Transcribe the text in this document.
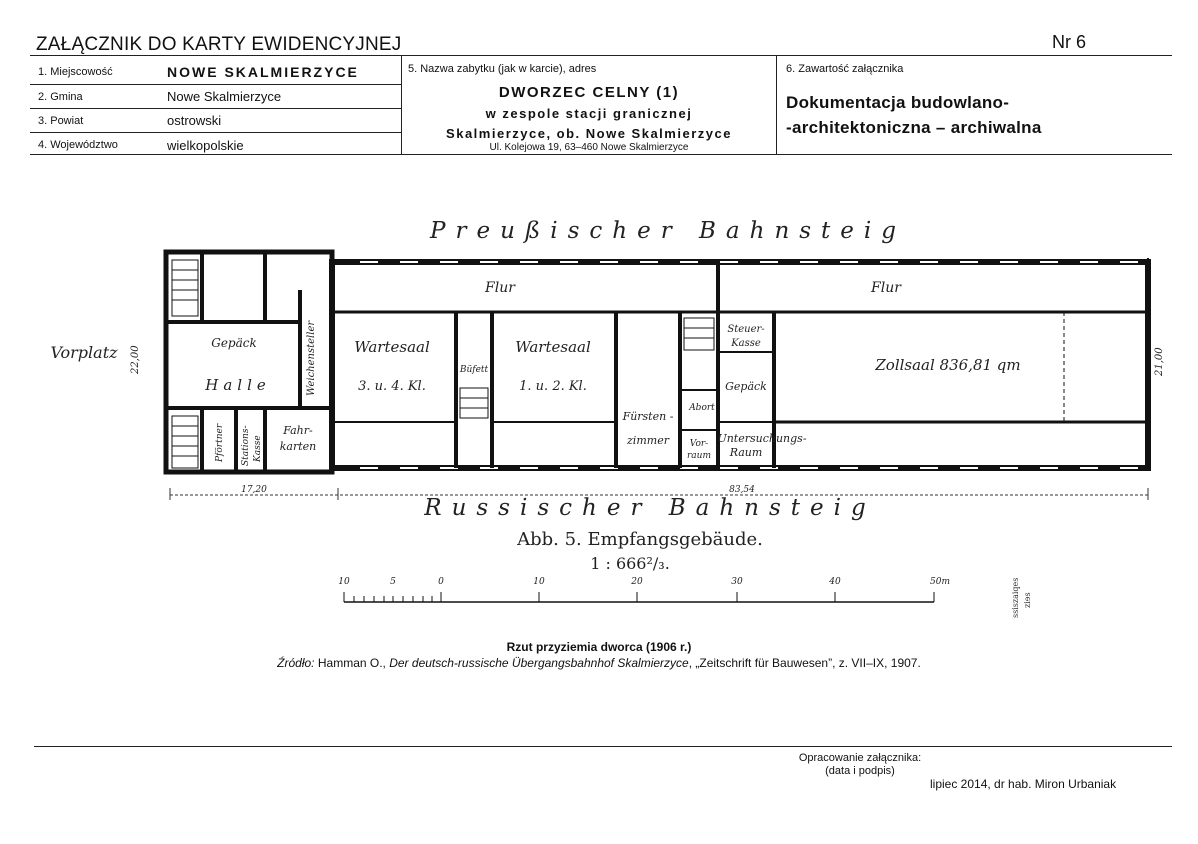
ZAŁĄCZNIK DO KARTY EWIDENCYJNEJ	Nr 6
1. Miejscowość	NOWE SKALMIERZYCE
2. Gmina	Nowe Skalmierzyce
3. Powiat	ostrowski
4. Województwo	wielkopolskie
5. Nazwa zabytku (jak w karcie), adres
DWORZEC CELNY (1)
w zespole stacji granicznej
Skalmierzyce, ob. Nowe Skalmierzyce
Ul. Kolejowa 19, 63–460 Nowe Skalmierzyce
6. Zawartość załącznika
Dokumentacja budowlano-
-architektoniczna – archiwalna
Preußischer Bahnsteig
Russischer Bahnsteig
Flur	Flur
Gepäck
Halle	Weichensteller Wartesaal
3. u. 4. Kl.
Büfett
Wartesaal
1. u. 2. Kl.
Fürsten -
zimmer Vor-
raum
Abort
Steuer-
Kasse
Gepäck
Untersuchungs-
Raum
Zollsaal 836,81 qm
Pförtner Stations- Kasse
Fahr-
karten
Vorplatz 22,00	21,00
17,20	83,54
Abb. 5. Empfangsgebäude.
1 : 666²/₃.
10	5	0	10	20	30	40	50m	ssiszaiqes ziɘs
Rzut przyziemia dworca (1906 r.)
Źródło: Hamman O., Der deutsch-russische Übergangsbahnhof Skalmierzyce, „Zeitschrift für Bauwesen”, z. VII–IX, 1907.
Opracowanie załącznika:
(data i podpis)
lipiec 2014, dr hab. Miron Urbaniak
